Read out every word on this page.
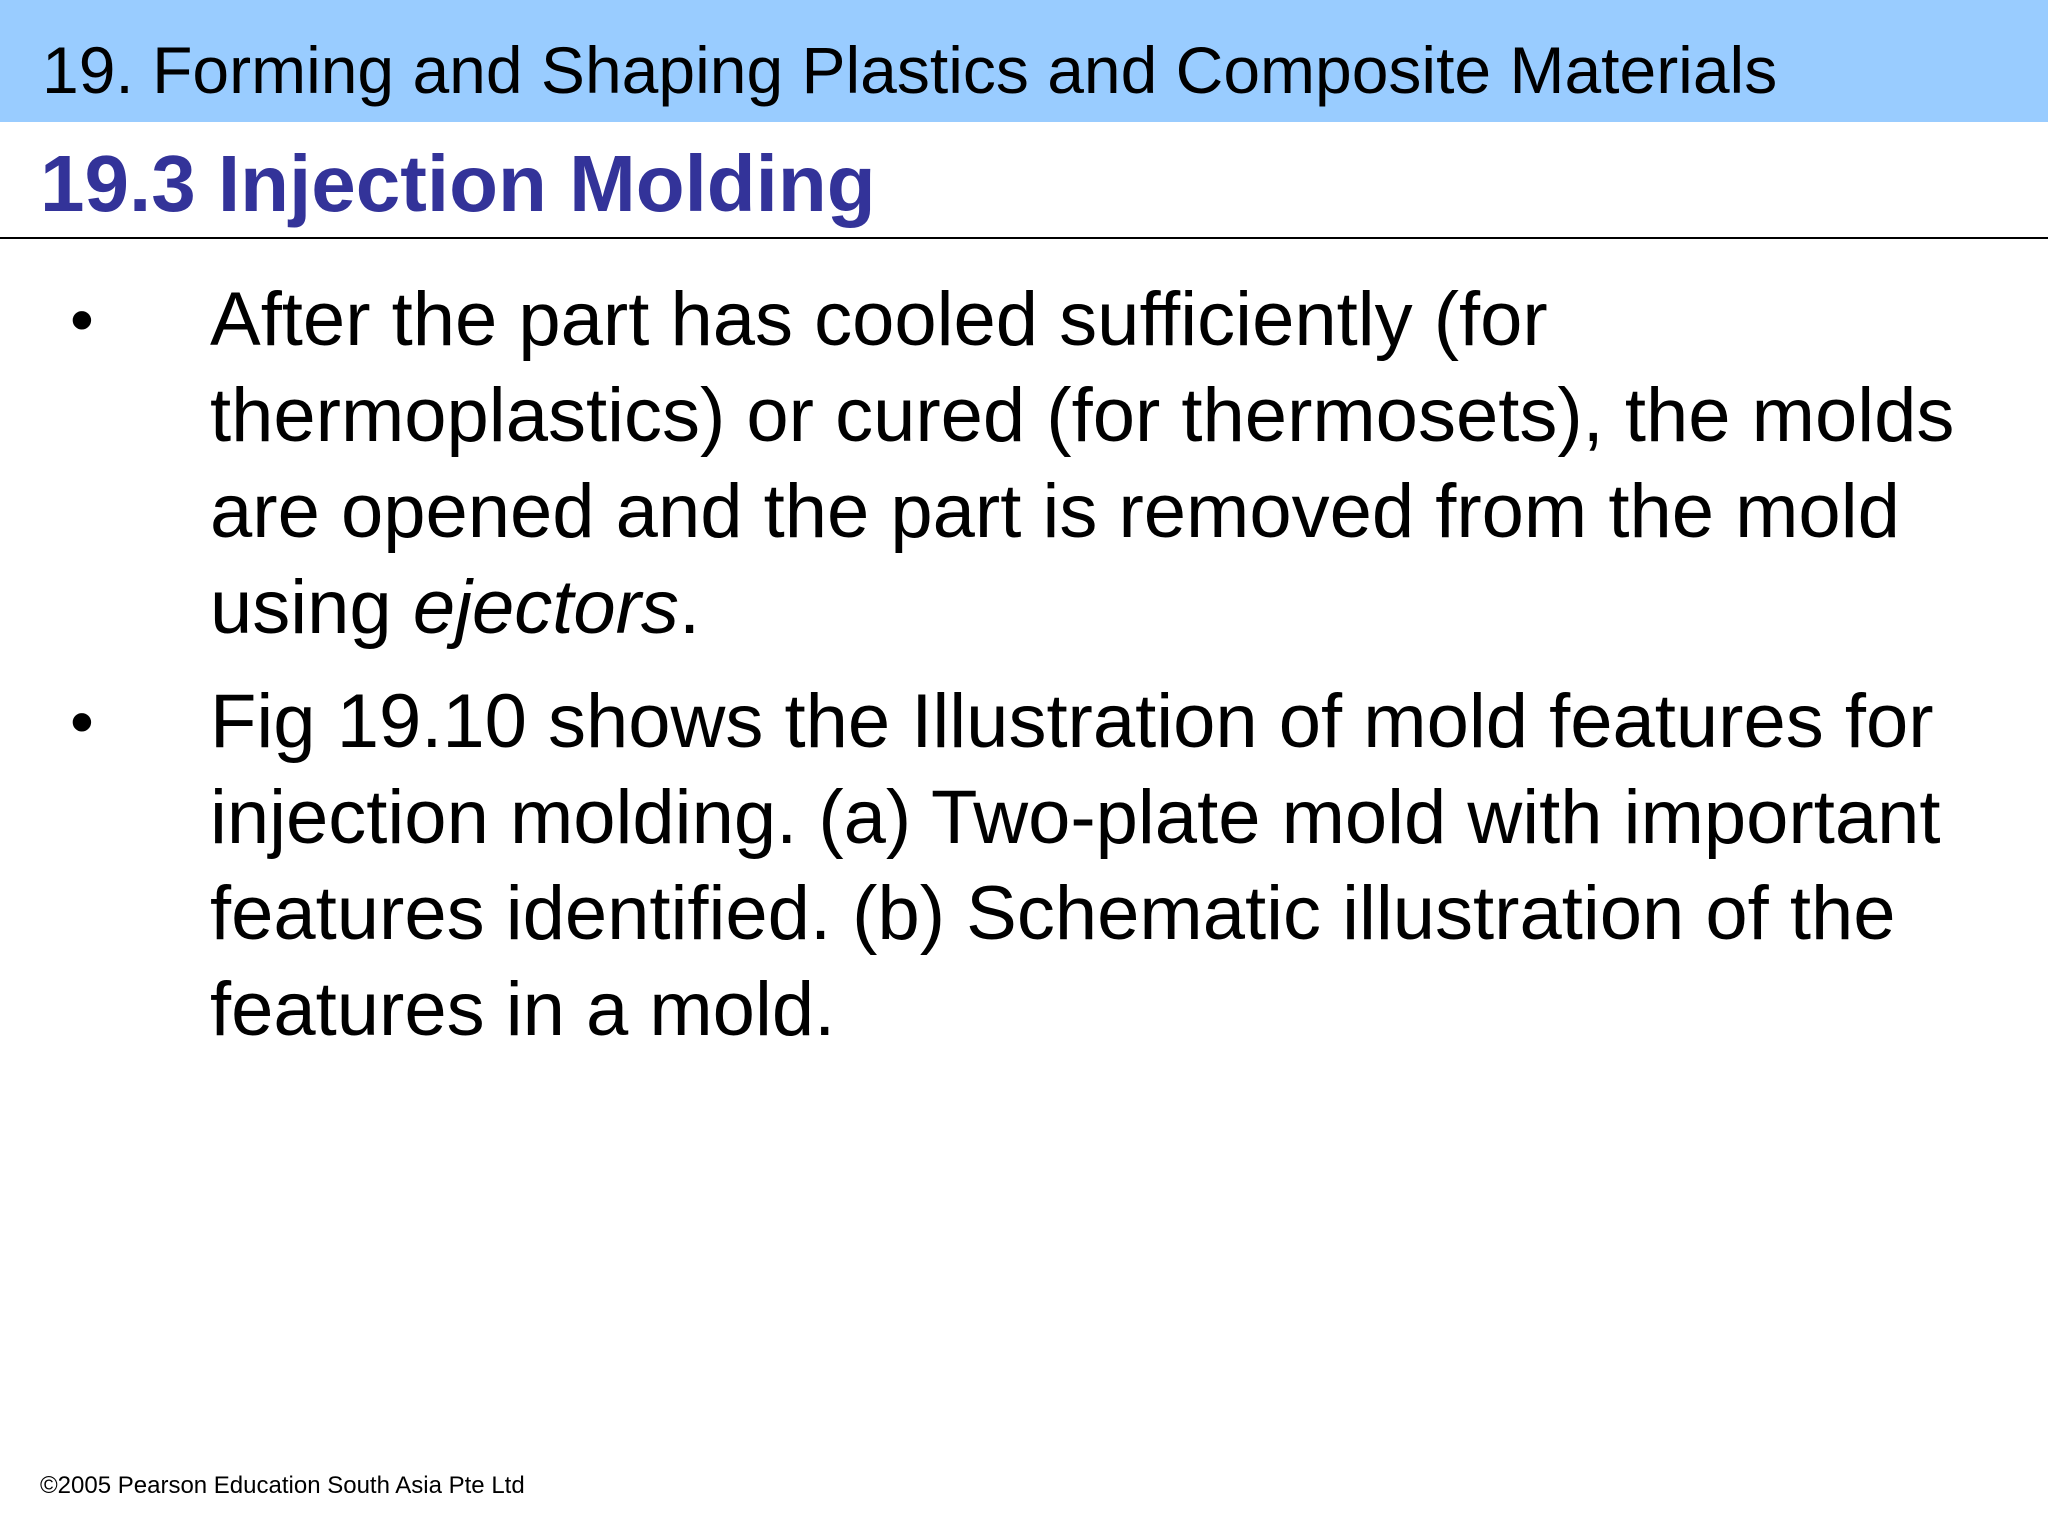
19. Forming and Shaping Plastics and Composite Materials
19.3 Injection Molding
• After the part has cooled sufficiently (for thermoplastics) or cured (for thermosets), the molds are opened and the part is removed from the mold using ejectors.
• Fig 19.10 shows the Illustration of mold features for injection molding. (a) Two-plate mold with important features identified. (b) Schematic illustration of the features in a mold.
©2005 Pearson Education South Asia Pte Ltd
